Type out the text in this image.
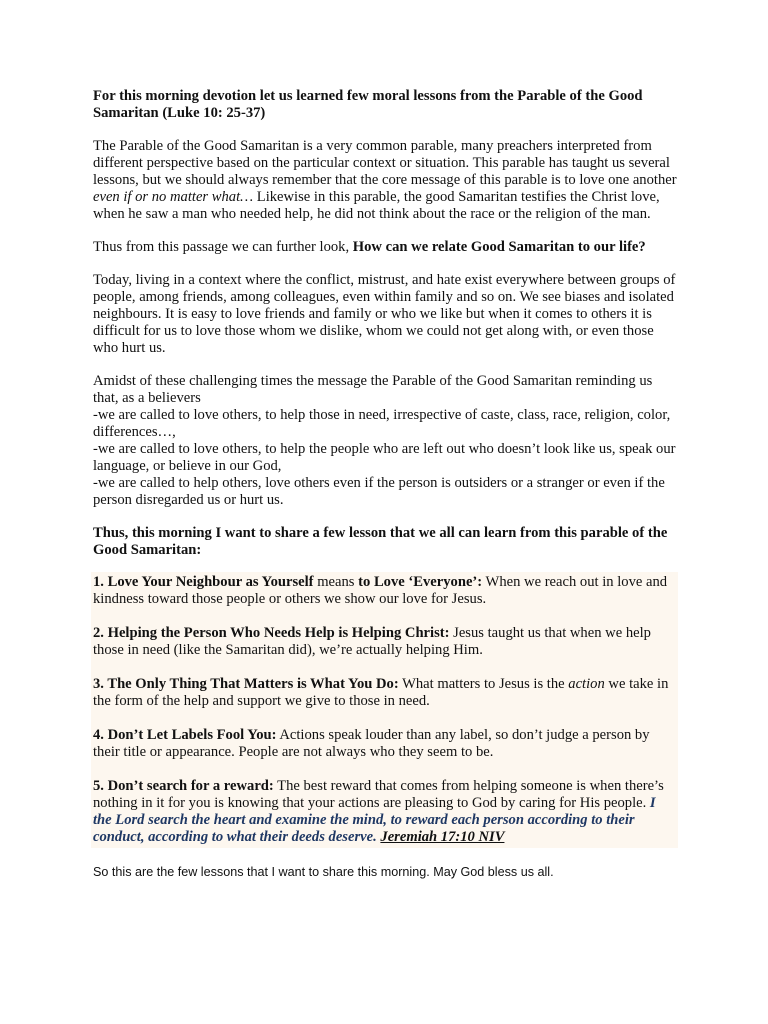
For this morning devotion let us learned few moral lessons from the Parable of the Good Samaritan (Luke 10: 25-37)

The Parable of the Good Samaritan is a very common parable, many preachers interpreted from different perspective based on the particular context or situation. This parable has taught us several lessons, but we should always remember that the core message of this parable is to love one another even if or no matter what… Likewise in this parable, the good Samaritan testifies the Christ love, when he saw a man who needed help, he did not think about the race or the religion of the man.

Thus from this passage we can further look, How can we relate Good Samaritan to our life?

Today, living in a context where the conflict, mistrust, and hate exist everywhere between groups of people, among friends, among colleagues, even within family and so on. We see biases and isolated neighbours. It is easy to love friends and family or who we like but when it comes to others it is difficult for us to love those whom we dislike, whom we could not get along with, or even those who hurt us.

Amidst of these challenging times the message the Parable of the Good Samaritan reminding us that, as a believers

-we are called to love others, to help those in need, irrespective of caste, class, race, religion, color, differences…,

-we are called to love others, to help the people who are left out who doesn’t look like us, speak our language, or believe in our God,

-we are called to help others, love others even if the person is outsiders or a stranger or even if the person disregarded us or hurt us.

Thus, this morning I want to share a few lesson that we all can learn from this parable of the Good Samaritan:

1. Love Your Neighbour as Yourself means to Love ‘Everyone’: When we reach out in love and kindness toward those people or others we show our love for Jesus.

2. Helping the Person Who Needs Help is Helping Christ: Jesus taught us that when we help those in need (like the Samaritan did), we’re actually helping Him.

3. The Only Thing That Matters is What You Do: What matters to Jesus is the action we take in the form of the help and support we give to those in need.

4. Don’t Let Labels Fool You: Actions speak louder than any label, so don’t judge a person by their title or appearance. People are not always who they seem to be.

5. Don’t search for a reward: The best reward that comes from helping someone is when there’s nothing in it for you is knowing that your actions are pleasing to God by caring for His people. I the Lord search the heart and examine the mind, to reward each person according to their conduct, according to what their deeds deserve. Jeremiah 17:10 NIV

So this are the few lessons that I want to share this morning. May God bless us all.
